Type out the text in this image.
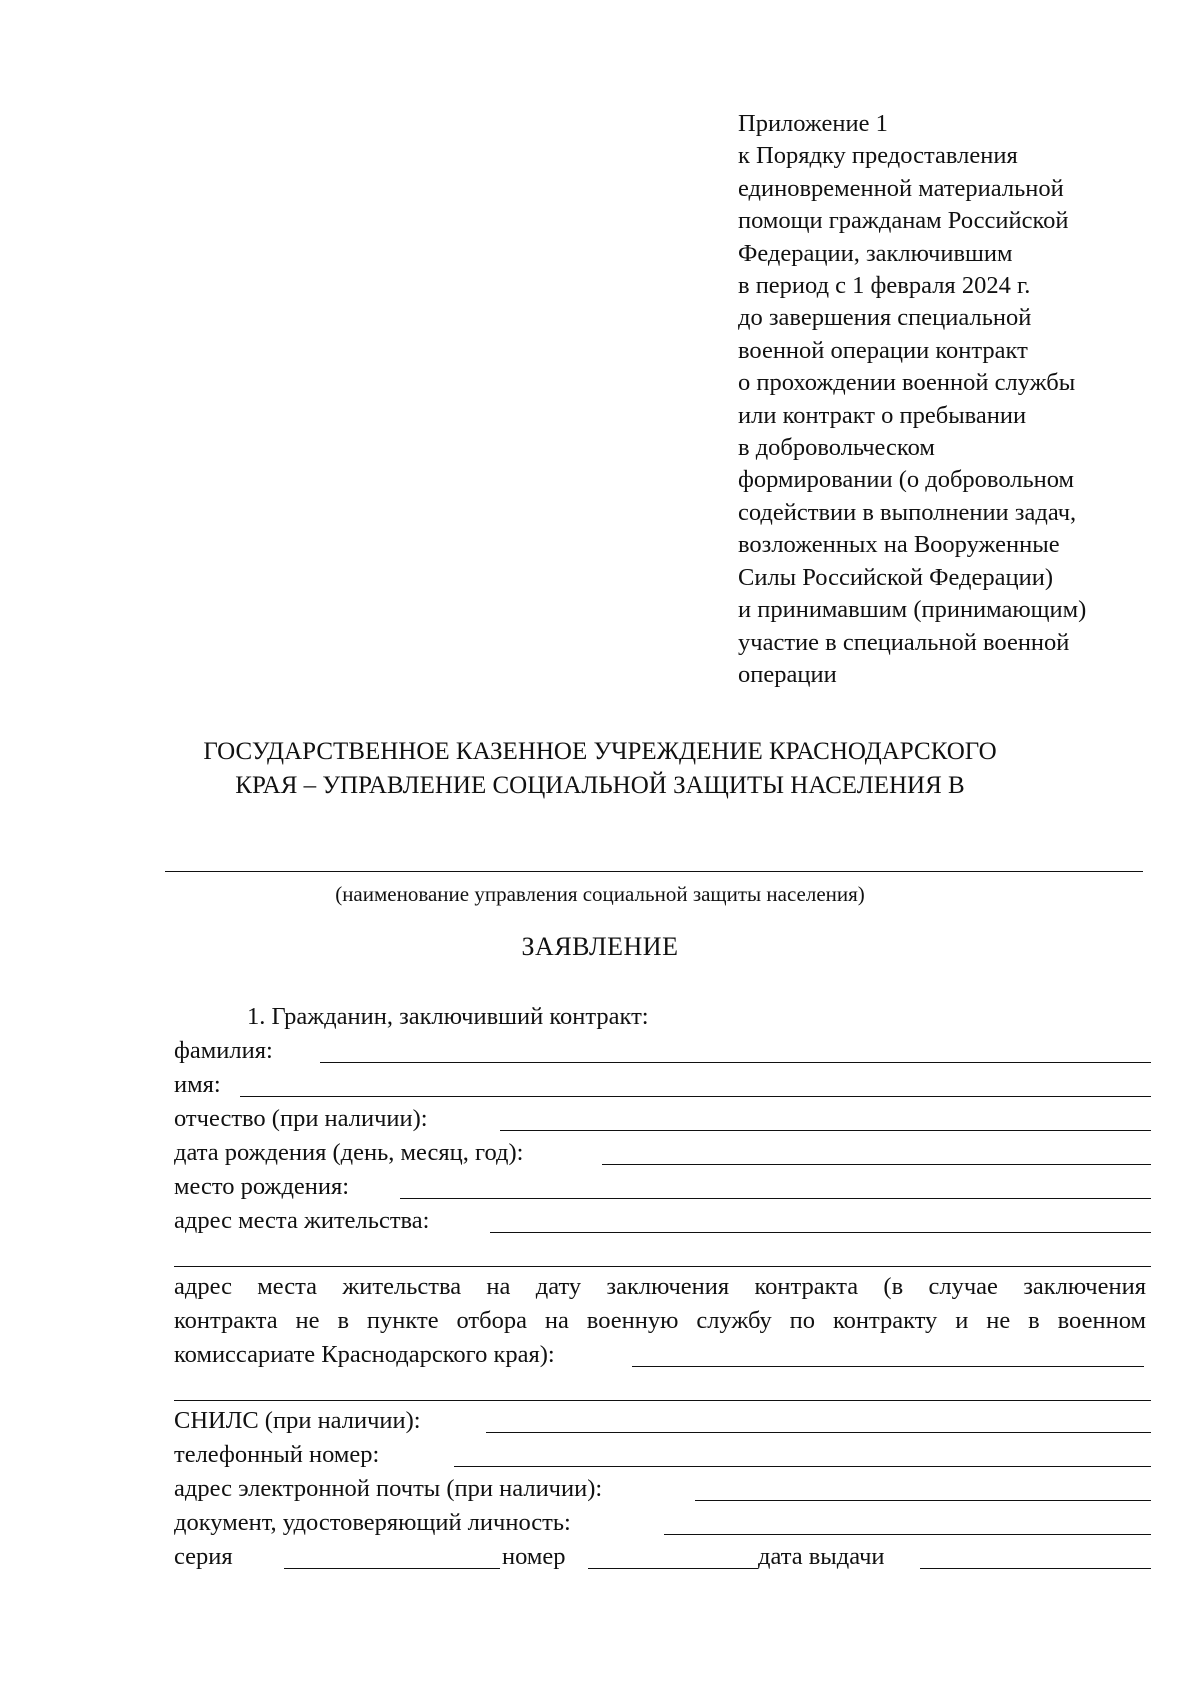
Приложение 1
к Порядку предоставления
единовременной материальной
помощи гражданам Российской
Федерации, заключившим
в период с 1 февраля 2024 г.
до завершения специальной
военной операции контракт
о прохождении военной службы
или контракт о пребывании
в добровольческом
формировании (о добровольном
содействии в выполнении задач,
возложенных на Вооруженные
Силы Российской Федерации)
и принимавшим (принимающим)
участие в специальной военной
операции
ГОСУДАРСТВЕННОЕ КАЗЕННОЕ УЧРЕЖДЕНИЕ КРАСНОДАРСКОГО
КРАЯ – УПРАВЛЕНИЕ СОЦИАЛЬНОЙ ЗАЩИТЫ НАСЕЛЕНИЯ В
(наименование управления социальной защиты населения)
ЗАЯВЛЕНИЕ
1. Гражданин, заключивший контракт:
фамилия:
имя:
отчество (при наличии):
дата рождения (день, месяц, год):
место рождения:
адрес места жительства:
адрес места жительства на дату заключения контракта (в случае заключения
контракта не в пункте отбора на военную службу по контракту и не в военном
комиссариате Краснодарского края):
СНИЛС (при наличии):
телефонный номер:
адрес электронной почты (при наличии):
документ, удостоверяющий личность:
серия	номер	дата выдачи
